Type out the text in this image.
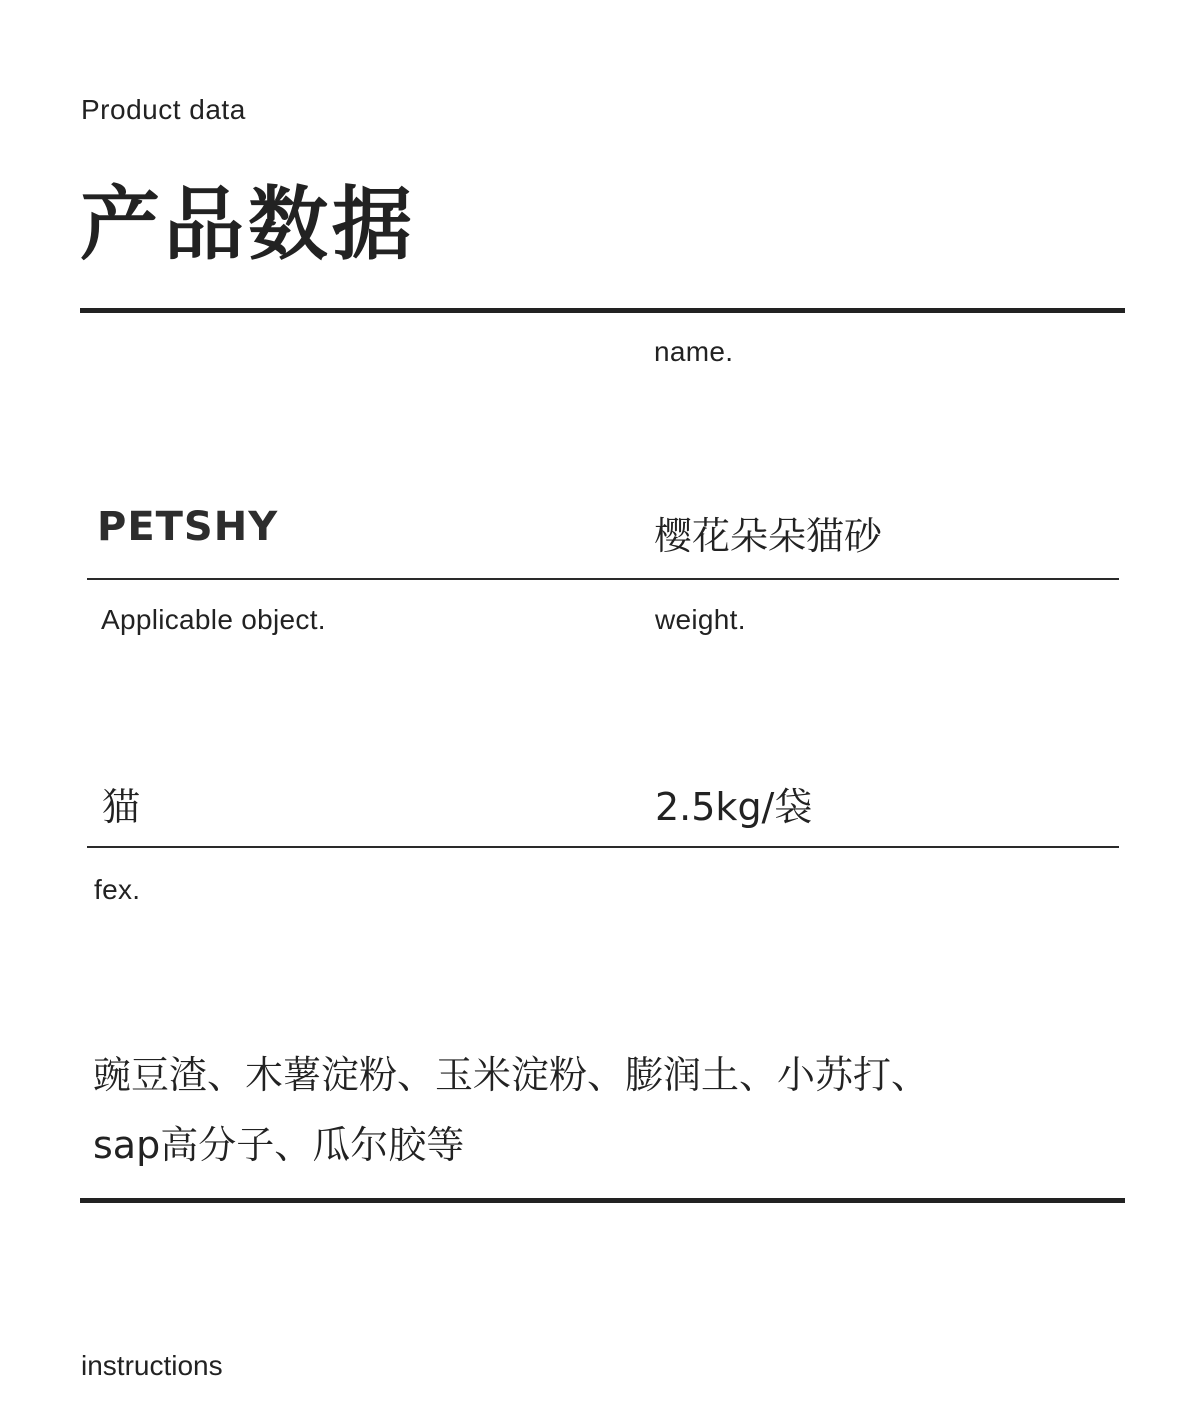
Product data
产品数据
PETSHY
name.
樱花朵朵猫砂
Applicable object.
猫
weight.
2.5kg/袋
fex.
豌豆渣、木薯淀粉、玉米淀粉、膨润土、小苏打、
sap高分子、瓜尔胶等
instructions
